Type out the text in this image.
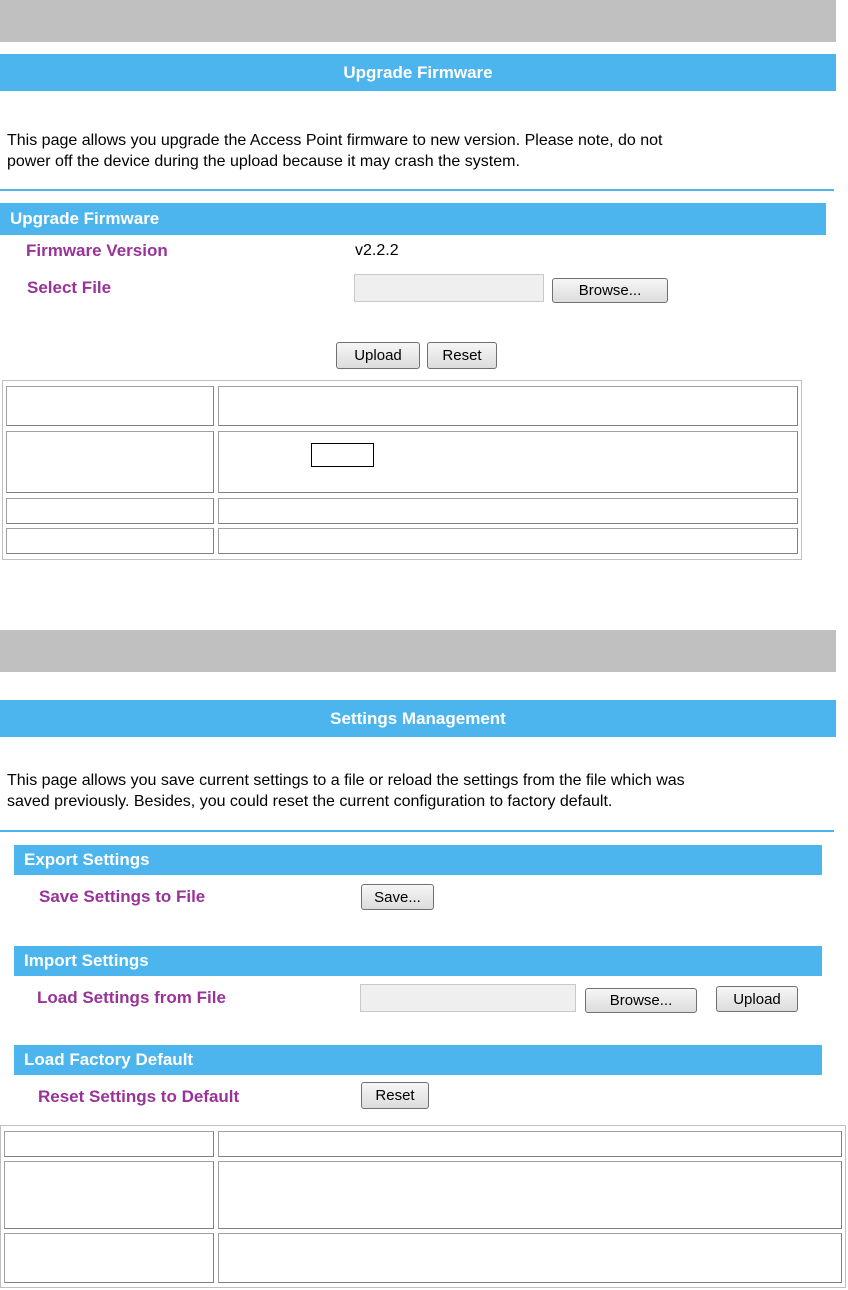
Upgrade Firmware
This page allows you upgrade the Access Point firmware to new version. Please note, do not
power off the device during the upload because it may crash the system.
Upgrade Firmware
Firmware Version	v2.2.2
Select File	Browse...
Upload	Reset
Settings Management
This page allows you save current settings to a file or reload the settings from the file which was
saved previously. Besides, you could reset the current configuration to factory default.
Export Settings
Save Settings to File	Save...
Import Settings
Load Settings from File	Browse...	Upload
Load Factory Default
Reset Settings to Default	Reset
